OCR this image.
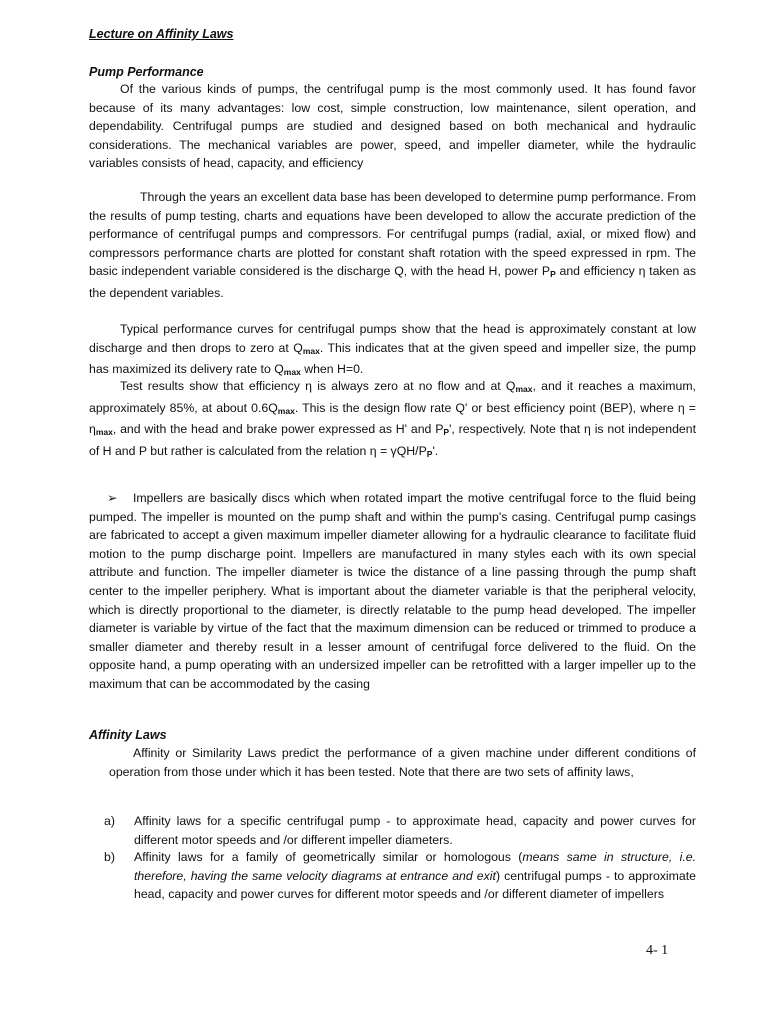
Lecture on Affinity Laws

Pump Performance

Of the various kinds of pumps, the centrifugal pump is the most commonly used. It has found favor because of its many advantages: low cost, simple construction, low maintenance, silent operation, and dependability. Centrifugal pumps are studied and designed based on both mechanical and hydraulic considerations. The mechanical variables are power, speed, and impeller diameter, while the hydraulic variables consists of head, capacity, and efficiency

Through the years an excellent data base has been developed to determine pump performance. From the results of pump testing, charts and equations have been developed to allow the accurate prediction of the performance of centrifugal pumps and compressors. For centrifugal pumps (radial, axial, or mixed flow) and compressors performance charts are plotted for constant shaft rotation with the speed expressed in rpm. The basic independent variable considered is the discharge Q, with the head H, power $P_P$ and efficiency η taken as the dependent variables.

Typical performance curves for centrifugal pumps show that the head is approximately constant at low discharge and then drops to zero at $Q_{max}$. This indicates that at the given speed and impeller size, the pump has maximized its delivery rate to $Q_{max}$ when H=0.

Test results show that efficiency η is always zero at no flow and at $Q_{max}$, and it reaches a maximum, approximately 85%, at about $0.6Q_{max}$. This is the design flow rate Q' or best efficiency point (BEP), where $\eta = \eta_{max}$, and with the head and brake power expressed as H' and $P_P'$, respectively. Note that η is not independent of H and P but rather is calculated from the relation η = γQH/$P_P'$.

➢ Impellers are basically discs which when rotated impart the motive centrifugal force to the fluid being pumped. The impeller is mounted on the pump shaft and within the pump's casing. Centrifugal pump casings are fabricated to accept a given maximum impeller diameter allowing for a hydraulic clearance to facilitate fluid motion to the pump discharge point. Impellers are manufactured in many styles each with its own special attribute and function. The impeller diameter is twice the distance of a line passing through the pump shaft center to the impeller periphery. What is important about the diameter variable is that the peripheral velocity, which is directly proportional to the diameter, is directly relatable to the pump head developed. The impeller diameter is variable by virtue of the fact that the maximum dimension can be reduced or trimmed to produce a smaller diameter and thereby result in a lesser amount of centrifugal force delivered to the fluid. On the opposite hand, a pump operating with an undersized impeller can be retrofitted with a larger impeller up to the maximum that can be accommodated by the casing

Affinity Laws

Affinity or Similarity Laws predict the performance of a given machine under different conditions of operation from those under which it has been tested. Note that there are two sets of affinity laws,

a) Affinity laws for a specific centrifugal pump - to approximate head, capacity and power curves for different motor speeds and /or different impeller diameters.

b) Affinity laws for a family of geometrically similar or homologous (means same in structure, i.e. therefore, having the same velocity diagrams at entrance and exit) centrifugal pumps - to approximate head, capacity and power curves for different motor speeds and /or different diameter of impellers

4- 1
